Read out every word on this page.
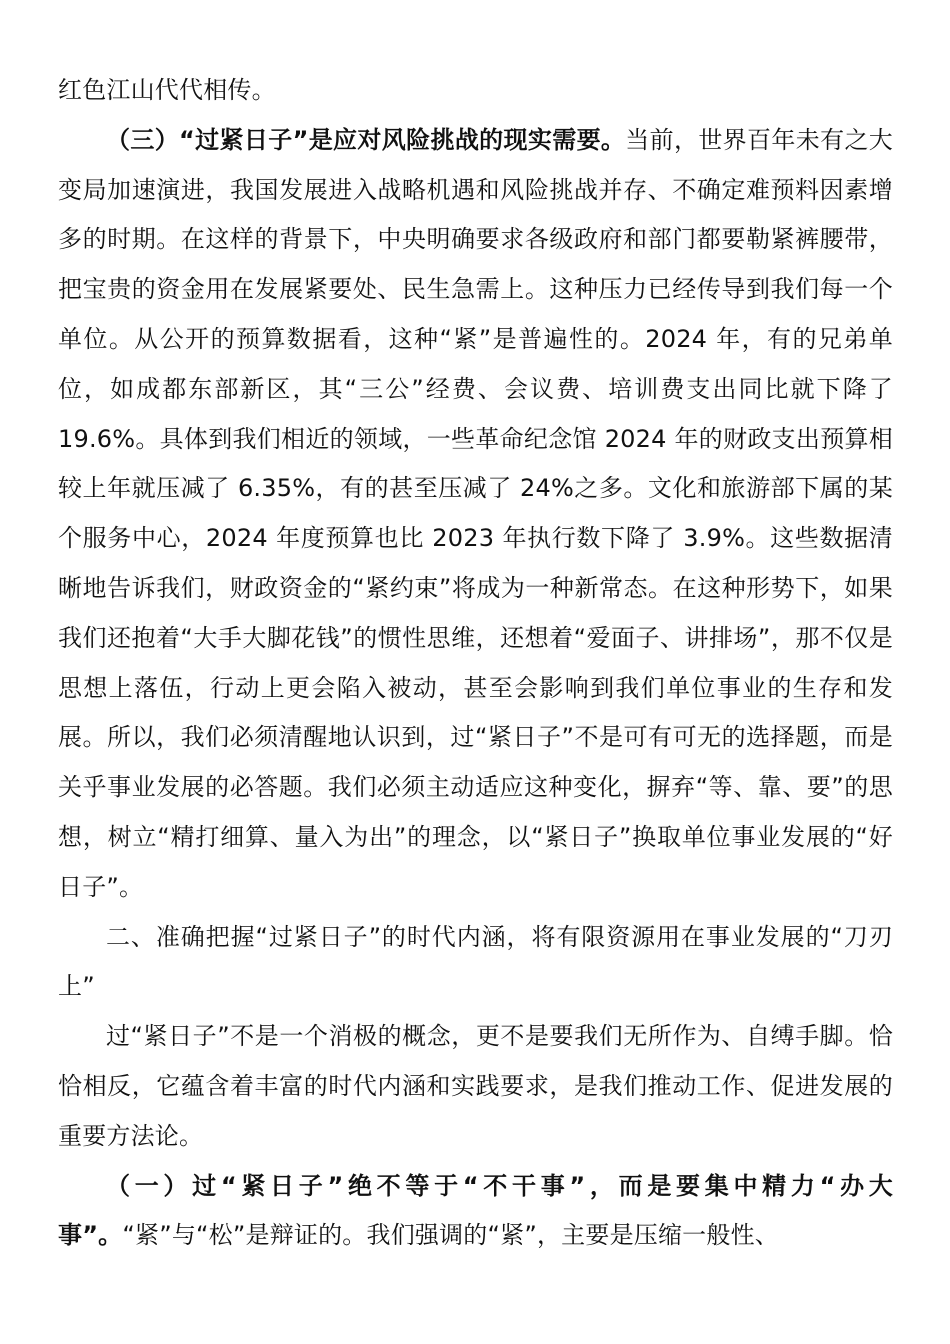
红色江山代代相传。

（三）“过紧日子”是应对风险挑战的现实需要。当前，世界百年未有之大变局加速演进，我国发展进入战略机遇和风险挑战并存、不确定难预料因素增多的时期。在这样的背景下，中央明确要求各级政府和部门都要勒紧裤腰带，把宝贵的资金用在发展紧要处、民生急需上。这种压力已经传导到我们每一个单位。从公开的预算数据看，这种“紧”是普遍性的。2024 年，有的兄弟单位，如成都东部新区，其“三公”经费、会议费、培训费支出同比就下降了 19.6%。具体到我们相近的领域，一些革命纪念馆 2024 年的财政支出预算相较上年就压减了 6.35%，有的甚至压减了 24%之多。文化和旅游部下属的某个服务中心，2024 年度预算也比 2023 年执行数下降了 3.9%。这些数据清晰地告诉我们，财政资金的“紧约束”将成为一种新常态。在这种形势下，如果我们还抱着“大手大脚花钱”的惯性思维，还想着“爱面子、讲排场”，那不仅是思想上落伍，行动上更会陷入被动，甚至会影响到我们单位事业的生存和发展。所以，我们必须清醒地认识到，过“紧日子”不是可有可无的选择题，而是关乎事业发展的必答题。我们必须主动适应这种变化，摒弃“等、靠、要”的思想，树立“精打细算、量入为出”的理念，以“紧日子”换取单位事业发展的“好日子”。

二、准确把握“过紧日子”的时代内涵，将有限资源用在事业发展的“刀刃上”

过“紧日子”不是一个消极的概念，更不是要我们无所作为、自缚手脚。恰恰相反，它蕴含着丰富的时代内涵和实践要求，是我们推动工作、促进发展的重要方法论。

（一）过“紧日子”绝不等于“不干事”，而是要集中精力“办大事”。“紧”与“松”是辩证的。我们强调的“紧”，主要是压缩一般性、
